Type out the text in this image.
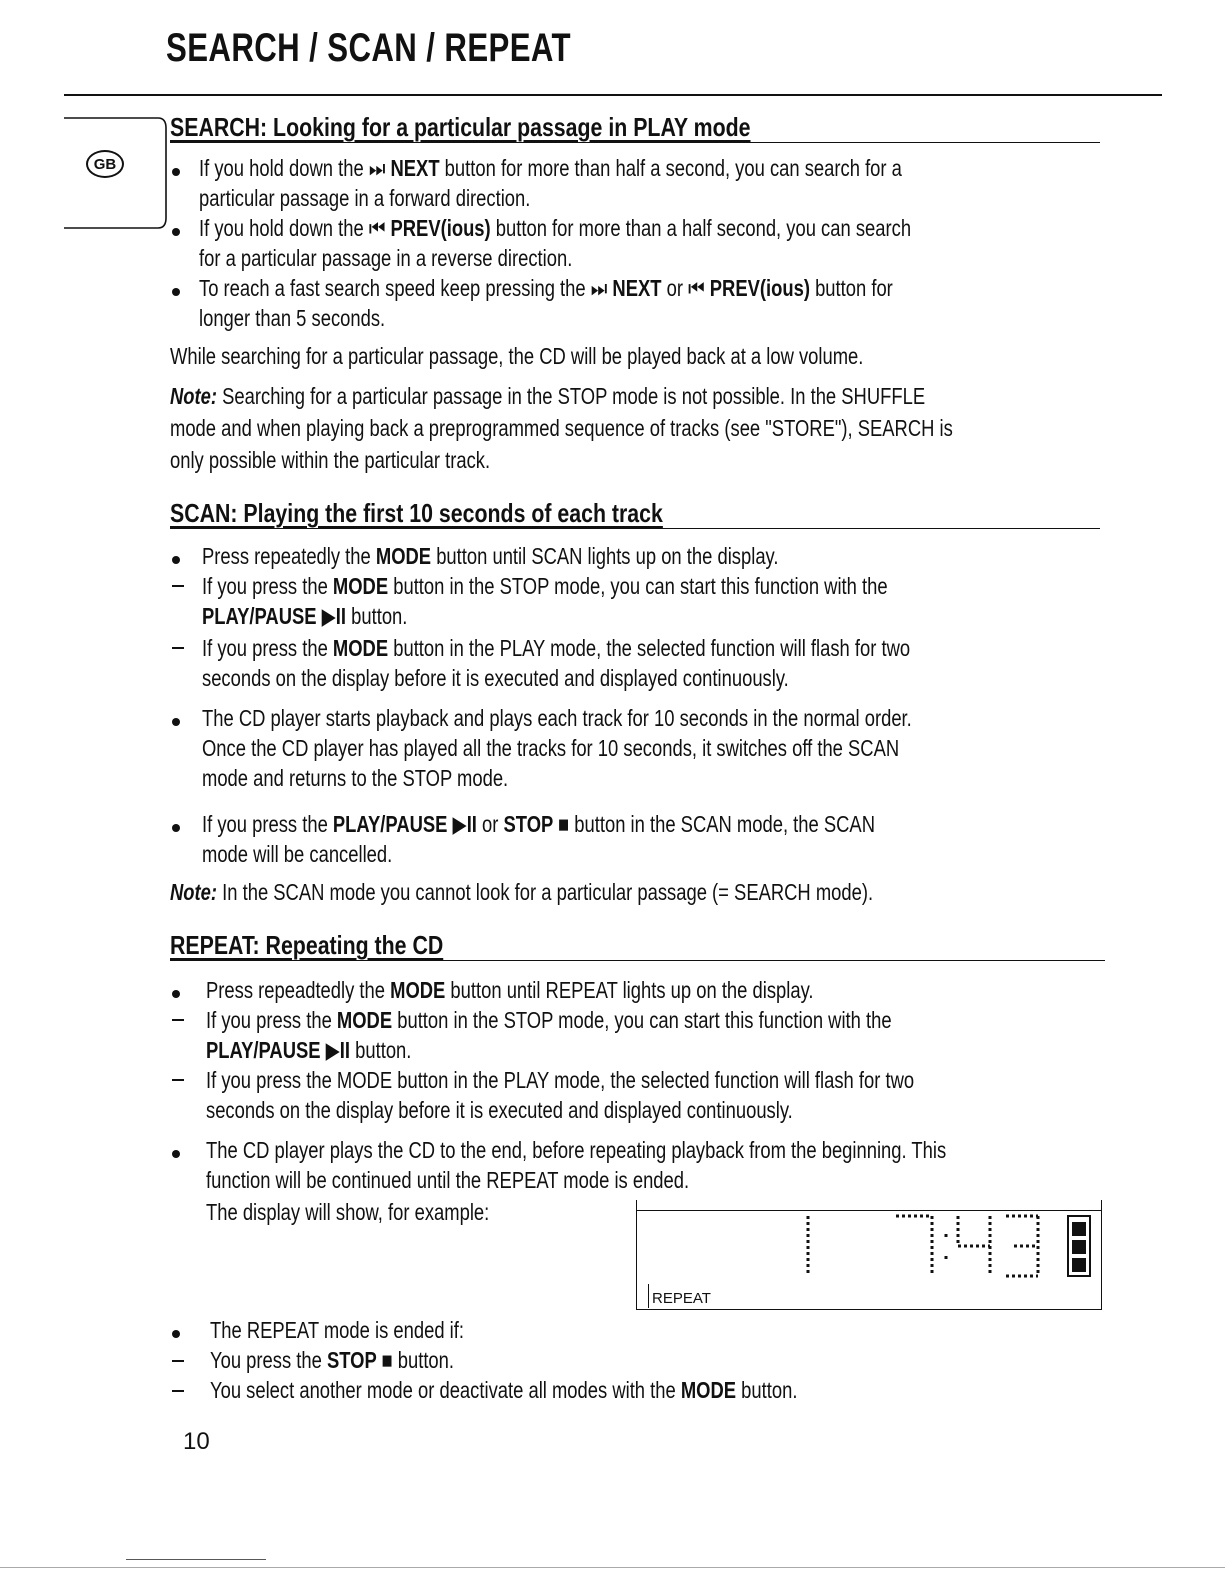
SEARCH / SCAN / REPEAT
GB
SEARCH: Looking for a particular passage in PLAY mode
If you hold down the ⏭ NEXT button for more than half a second, you can search for a
particular passage in a forward direction.
If you hold down the ⏮ PREV(ious) button for more than a half second, you can search
for a particular passage in a reverse direction.
To reach a fast search speed keep pressing the ⏭ NEXT or ⏮ PREV(ious) button for
longer than 5 seconds.
While searching for a particular passage, the CD will be played back at a low volume.
Note: Searching for a particular passage in the STOP mode is not possible. In the SHUFFLE
mode and when playing back a preprogrammed sequence of tracks (see "STORE"), SEARCH is
only possible within the particular track.
SCAN: Playing the first 10 seconds of each track
Press repeatedly the MODE button until SCAN lights up on the display.
If you press the MODE button in the STOP mode, you can start this function with the
PLAY/PAUSE ▶II button.
If you press the MODE button in the PLAY mode, the selected function will flash for two
seconds on the display before it is executed and displayed continuously.
The CD player starts playback and plays each track for 10 seconds in the normal order.
Once the CD player has played all the tracks for 10 seconds, it switches off the SCAN
mode and returns to the STOP mode.
If you press the PLAY/PAUSE ▶II or STOP ■ button in the SCAN mode, the SCAN
mode will be cancelled.
Note: In the SCAN mode you cannot look for a particular passage (= SEARCH mode).
REPEAT: Repeating the CD
Press repeadtedly the MODE button until REPEAT lights up on the display.
If you press the MODE button in the STOP mode, you can start this function with the
PLAY/PAUSE ▶II button.
If you press the MODE button in the PLAY mode, the selected function will flash for two
seconds on the display before it is executed and displayed continuously.
The CD player plays the CD to the end, before repeating playback from the beginning. This
function will be continued until the REPEAT mode is ended.
The display will show, for example:
REPEAT
The REPEAT mode is ended if:
You press the STOP ■ button.
You select another mode or deactivate all modes with the MODE button.
10
